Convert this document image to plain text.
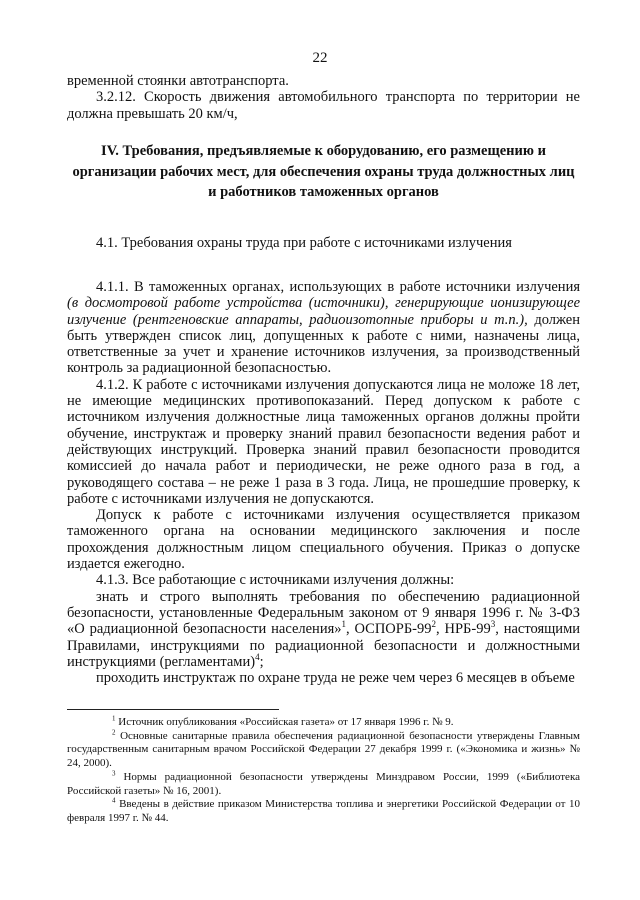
22

временной стоянки автотранспорта.

3.2.12. Скорость движения автомобильного транспорта по территории не должна превышать 20 км/ч,

IV. Требования, предъявляемые к оборудованию, его размещению и организации рабочих мест, для обеспечения охраны труда должностных лиц и работников таможенных органов

4.1. Требования охраны труда при работе с источниками излучения

4.1.1. В таможенных органах, использующих в работе источники излучения (в досмотровой работе устройства (источники), генерирующие ионизирующее излучение (рентгеновские аппараты, радиоизотопные приборы и т.п.), должен быть утвержден список лиц, допущенных к работе с ними, назначены лица, ответственные за учет и хранение источников излучения, за производственный контроль за радиационной безопасностью.

4.1.2. К работе с источниками излучения допускаются лица не моложе 18 лет, не имеющие медицинских противопоказаний. Перед допуском к работе с источником излучения должностные лица таможенных органов должны пройти обучение, инструктаж и проверку знаний правил безопасности ведения работ и действующих инструкций. Проверка знаний правил безопасности проводится комиссией до начала работ и периодически, не реже одного раза в год, а руководящего состава – не реже 1 раза в 3 года. Лица, не прошедшие проверку, к работе с источниками излучения не допускаются.

Допуск к работе с источниками излучения осуществляется приказом таможенного органа на основании медицинского заключения и после прохождения должностным лицом специального обучения. Приказ о допуске издается ежегодно.

4.1.3. Все работающие с источниками излучения должны:

знать и строго выполнять требования по обеспечению радиационной безопасности, установленные Федеральным законом от 9 января 1996 г. № 3-ФЗ «О радиационной безопасности населения»$^1$, ОСПОРБ-$99^2$, НРБ-$99^3$, настоящими Правилами, инструкциями по радиационной безопасности и должностными инструкциями (регламентами)$^4$;

проходить инструктаж по охране труда не реже чем через 6 месяцев в объеме

$^1$ Источник опубликования «Российская газета» от 17 января 1996 г. № 9.

$^2$ Основные санитарные правила обеспечения радиационной безопасности утверждены Главным государственным санитарным врачом Российской Федерации 27 декабря 1999 г. («Экономика и жизнь» № 24, 2000).

$^3$ Нормы радиационной безопасности утверждены Минздравом России, 1999 («Библиотека Российской газеты» № 16, 2001).

$^4$ Введены в действие приказом Министерства топлива и энергетики Российской Федерации от 10 февраля 1997 г. № 44.
